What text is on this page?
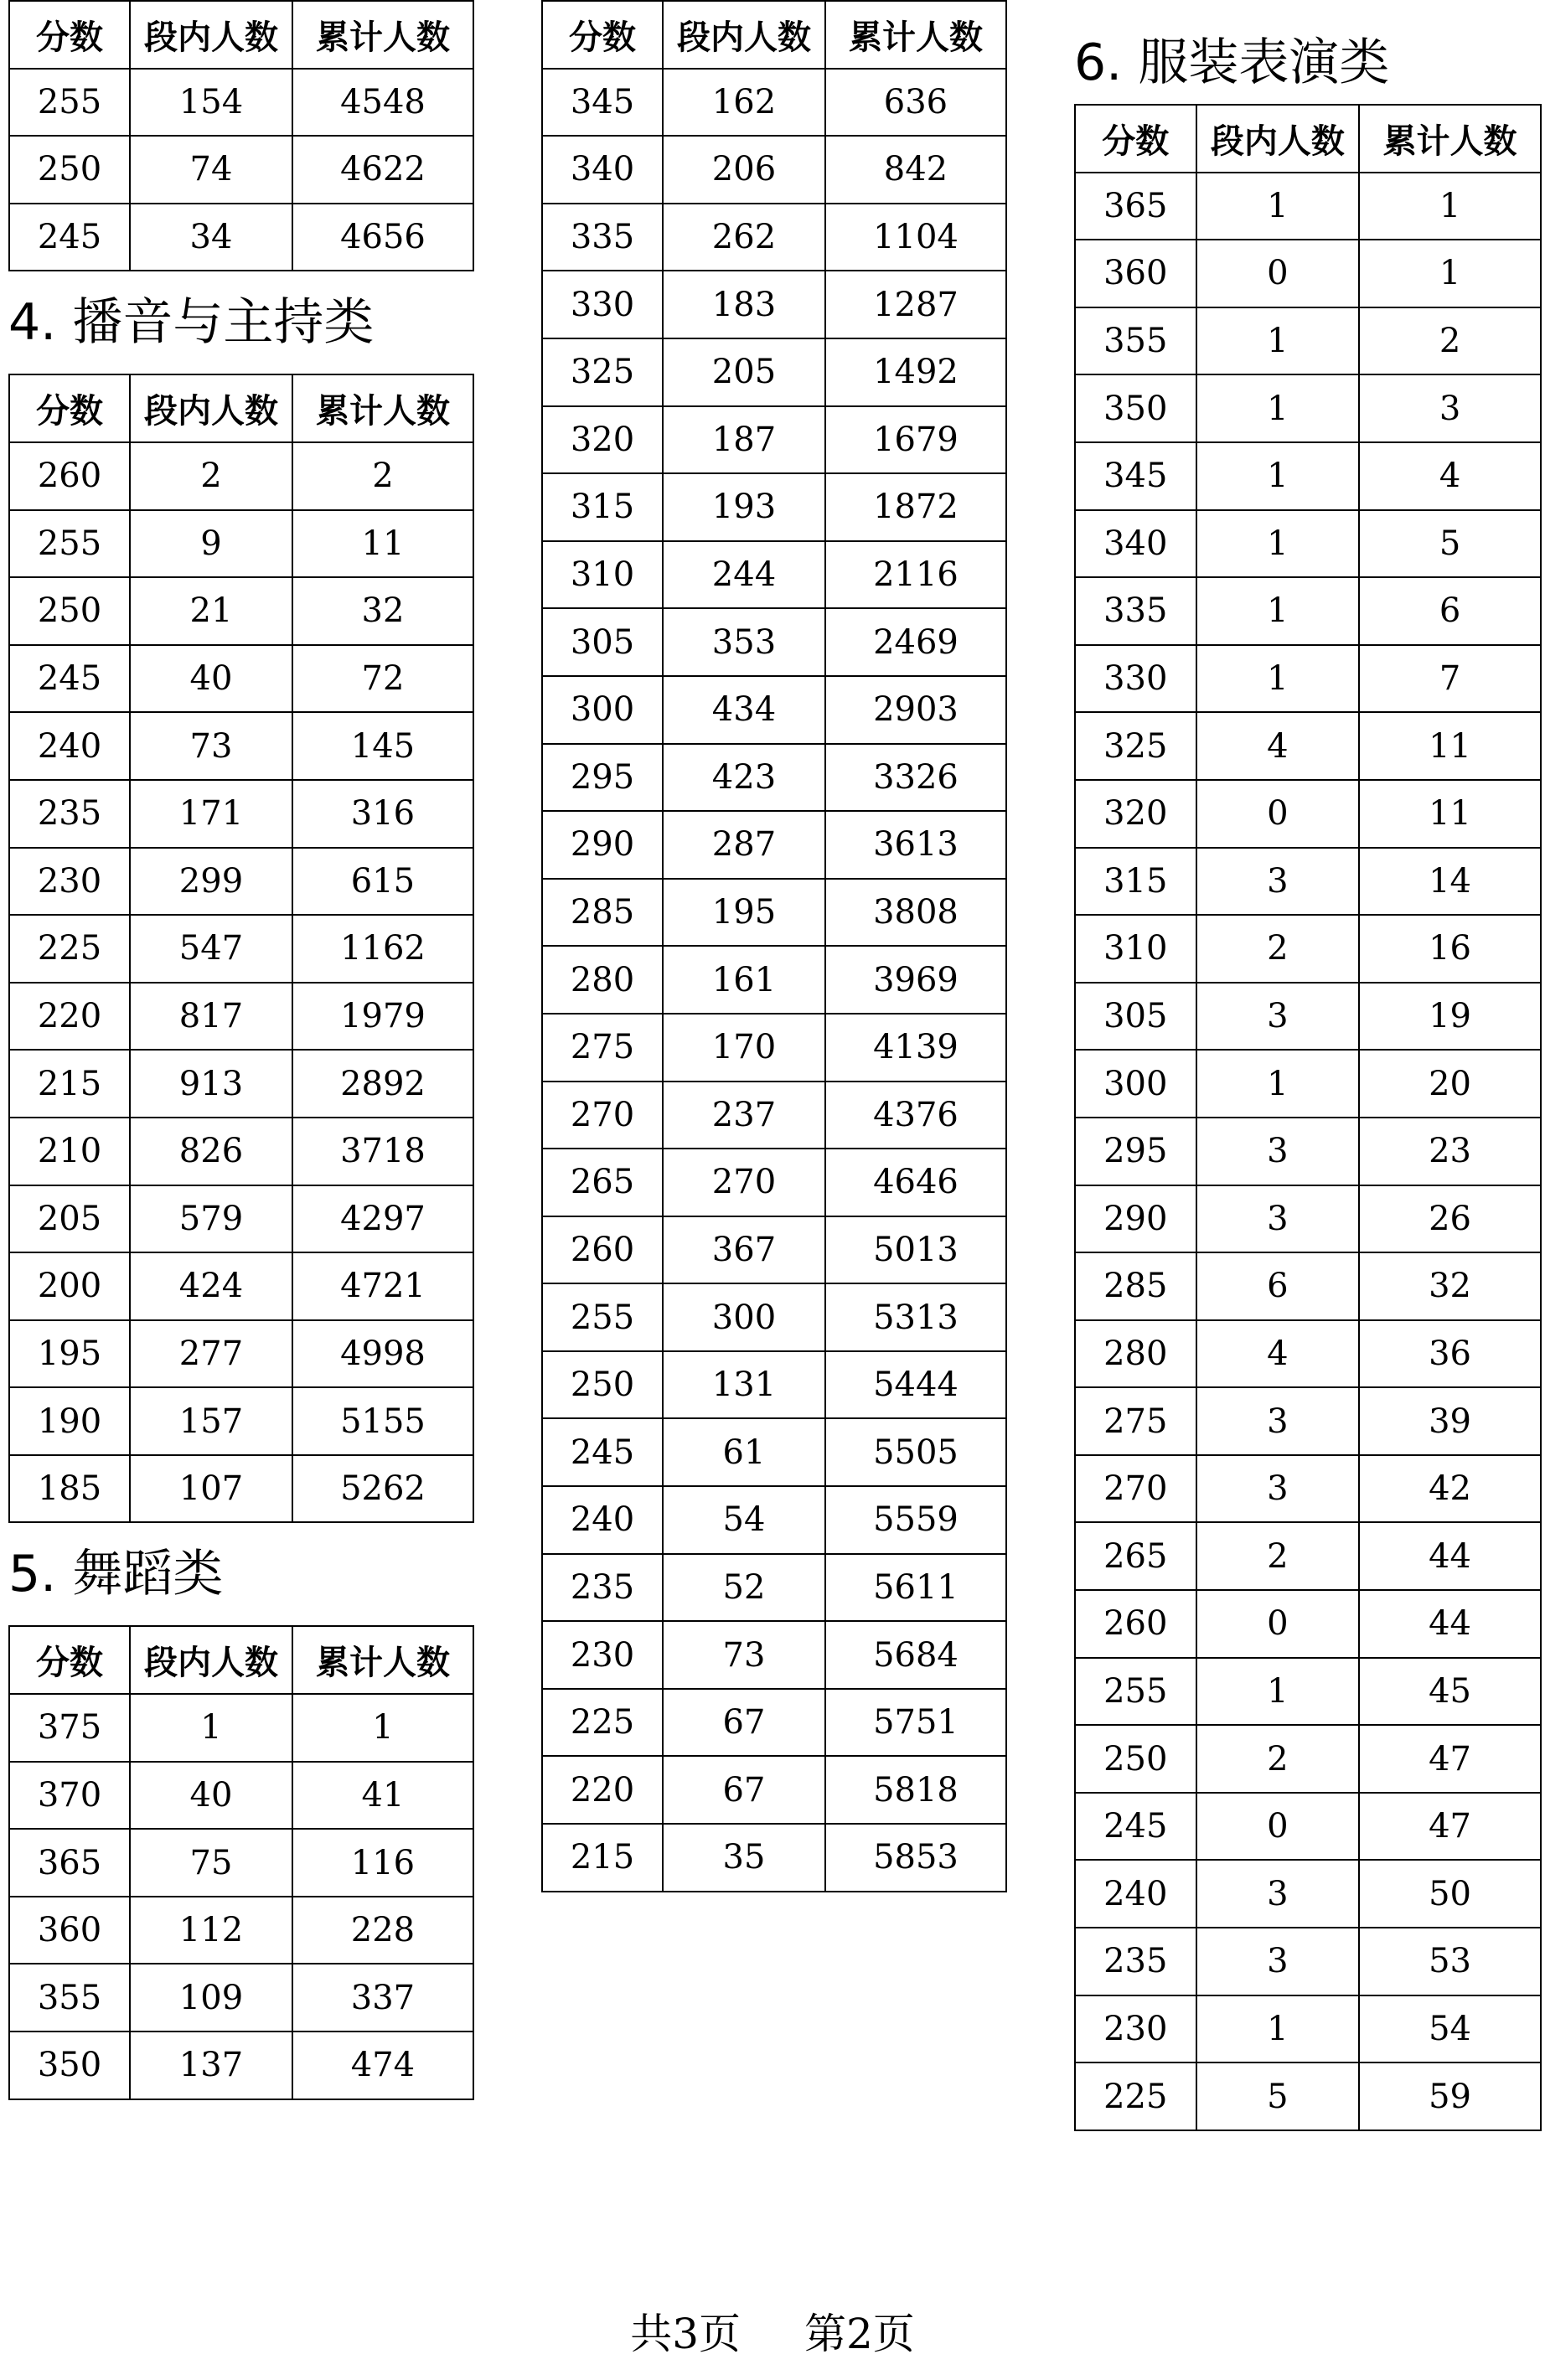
分数	段内人数	累计人数
255	154	4548
250	74	4622
245	34	4656
4. 播音与主持类
分数	段内人数	累计人数
260	2	2
255	9	11
250	21	32
245	40	72
240	73	145
235	171	316
230	299	615
225	547	1162
220	817	1979
215	913	2892
210	826	3718
205	579	4297
200	424	4721
195	277	4998
190	157	5155
185	107	5262
5. 舞蹈类
分数	段内人数	累计人数
375	1	1
370	40	41
365	75	116
360	112	228
355	109	337
350	137	474
分数	段内人数	累计人数
345	162	636
340	206	842
335	262	1104
330	183	1287
325	205	1492
320	187	1679
315	193	1872
310	244	2116
305	353	2469
300	434	2903
295	423	3326
290	287	3613
285	195	3808
280	161	3969
275	170	4139
270	237	4376
265	270	4646
260	367	5013
255	300	5313
250	131	5444
245	61	5505
240	54	5559
235	52	5611
230	73	5684
225	67	5751
220	67	5818
215	35	5853
6. 服装表演类
分数	段内人数	累计人数
365	1	1
360	0	1
355	1	2
350	1	3
345	1	4
340	1	5
335	1	6
330	1	7
325	4	11
320	0	11
315	3	14
310	2	16
305	3	19
300	1	20
295	3	23
290	3	26
285	6	32
280	4	36
275	3	39
270	3	42
265	2	44
260	0	44
255	1	45
250	2	47
245	0	47
240	3	50
235	3	53
230	1	54
225	5	59
共3页 第2页
